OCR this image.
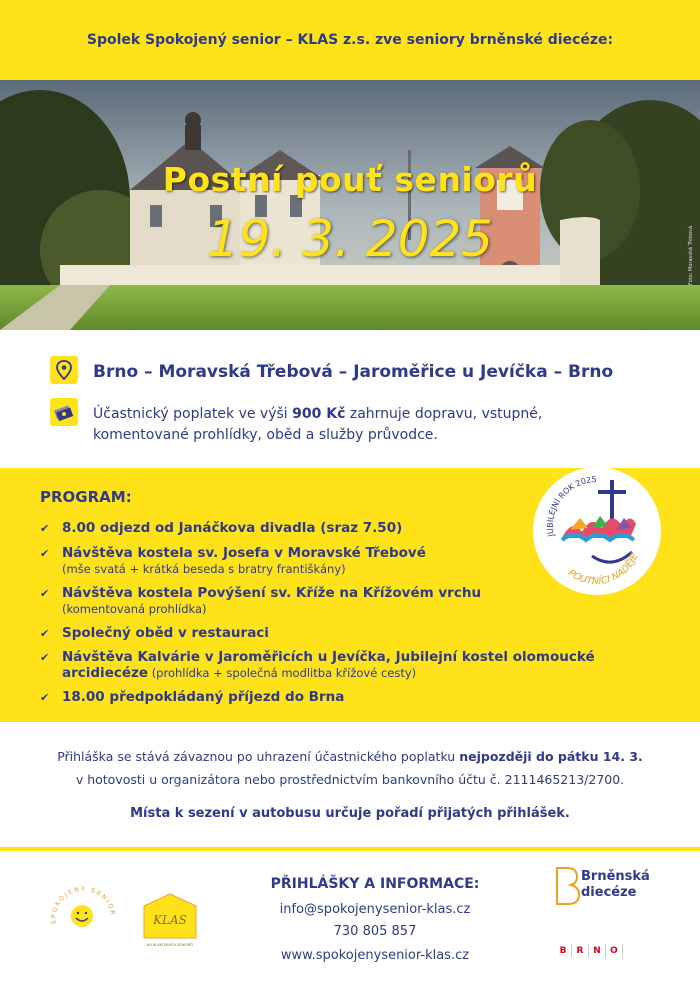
Spolek Spokojený senior – KLAS z.s. zve seniory brněnské diecéze:
Postní pouť seniorů
19. 3. 2025	Foto: Moravská Třebová
Brno – Moravská Třebová – Jaroměřice u Jevíčka – Brno
Účastnický poplatek ve výši 900 Kč zahrnuje dopravu, vstupné, komentované prohlídky, oběd a služby průvodce.
PROGRAM:
✔ 8.00 odjezd od Janáčkova divadla (sraz 7.50)
✔ Návštěva kostela sv. Josefa v Moravské Třebové
(mše svatá + krátká beseda s bratry františkány)
✔ Návštěva kostela Povýšení sv. Kříže na Křížovém vrchu
(komentovaná prohlídka)
✔ Společný oběd v restauraci
✔ Návštěva Kalvárie v Jaroměřicích u Jevíčka, Jubilejní kostel olomoucké
arcidiecéze (prohlídka + společná modlitba křížové cesty)
✔ 18.00 předpokládaný příjezd do Brna
JUBILEJNÍ ROK 2025
POUTNÍCI NADĚJE
Přihláška se stává závaznou po uhrazení účastnického poplatku nejpozději do pátku 14. 3.
v hotovosti u organizátora nebo prostřednictvím bankovního účtu č. 2111465213/2700.
Místa k sezení v autobusu určuje pořadí přijatých přihlášek.
SPOKOJENÝ SENIOR	KLAS
KLUB AKTIVNÍCH SENIORŮ
PŘIHLÁŠKY A INFORMACE:
info@spokojenysenior-klas.cz
730 805 857
www.spokojenysenior-klas.cz
Brněnská
diecéze
B	R	N	O
